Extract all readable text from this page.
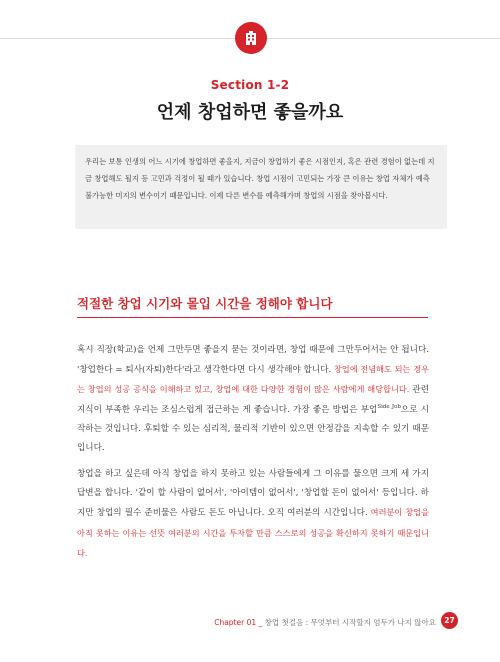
Section 1-2
언제 창업하면 좋을까요
우리는 보통 인생의 어느 시기에 창업하면 좋을지, 지금이 창업하기 좋은 시점인지, 혹은 관련 경험이 없는데 지금 창업해도 될지 등 고민과 걱정이 될 때가 있습니다. 창업 시점이 고민되는 가장 큰 이유는 창업 자체가 예측 불가능한 미지의 변수이기 때문입니다. 이제 다른 변수를 예측해가며 창업의 시점을 찾아봅시다.
적절한 창업 시기와 몰입 시간을 정해야 합니다
혹시 직장(학교)을 언제 그만두면 좋을지 묻는 것이라면, 창업 때문에 그만두어서는 안 됩니다. '창업한다 = 퇴사(자퇴)한다'라고 생각한다면 다시 생각해야 합니다. 창업에 전념해도 되는 경우는 창업의 성공 공식을 이해하고 있고, 창업에 대한 다양한 경험이 많은 사람에게 해당합니다. 관련 지식이 부족한 우리는 조심스럽게 접근하는 게 좋습니다. 가장 좋은 방법은 부업$^{Side Job}$으로 시작하는 것입니다. 후퇴할 수 있는 심리적, 물리적 기반이 있으면 안정감을 지속할 수 있기 때문입니다.
창업을 하고 싶은데 아직 창업을 하지 못하고 있는 사람들에게 그 이유를 물으면 크게 세 가지 답변을 합니다. '같이 할 사람이 없어서', '아이템이 없어서', '창업할 돈이 없어서' 등입니다. 하지만 창업의 필수 준비물은 사람도 돈도 아닙니다. 오직 여러분의 시간입니다. 여러분이 창업을 아직 못하는 이유는 선뜻 여러분의 시간을 투자할 만큼 스스로의 성공을 확신하지 못하기 때문입니다.
Chapter 01 _ 창업 첫걸음 : 무엇부터 시작할지 엄두가 나지 않아요	27
